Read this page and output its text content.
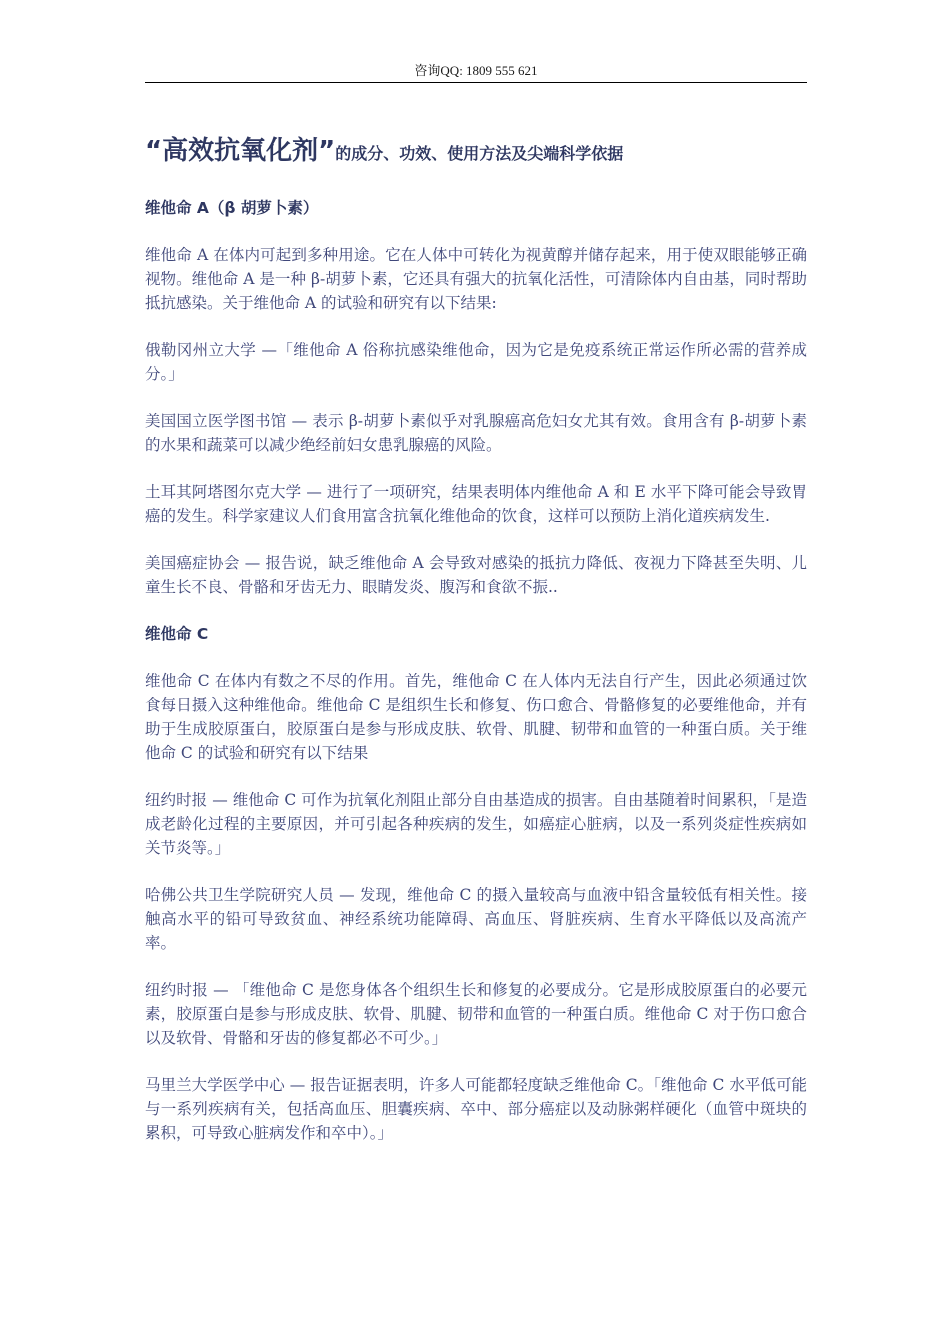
咨询QQ: 1809 555 621
“高效抗氧化剂”的成分、功效、使用方法及尖端科学依据
维他命 A（β 胡萝卜素）

维他命 A 在体内可起到多种用途。它在人体中可转化为视黄醇并储存起来，用于使双眼能够正确视物。维他命 A 是一种 β-胡萝卜素，它还具有强大的抗氧化活性，可清除体内自由基，同时帮助抵抗感染。关于维他命 A 的试验和研究有以下结果:

俄勒冈州立大学 —「维他命 A 俗称抗感染维他命，因为它是免疫系统正常运作所必需的营养成分。」

美国国立医学图书馆 — 表示 β-胡萝卜素似乎对乳腺癌高危妇女尤其有效。食用含有 β-胡萝卜素的水果和蔬菜可以减少绝经前妇女患乳腺癌的风险。

土耳其阿塔图尔克大学 — 进行了一项研究，结果表明体内维他命 A 和 E 水平下降可能会导致胃癌的发生。科学家建议人们食用富含抗氧化维他命的饮食，这样可以预防上消化道疾病发生.

美国癌症协会 — 报告说，缺乏维他命 A 会导致对感染的抵抗力降低、夜视力下降甚至失明、儿童生长不良、骨骼和牙齿无力、眼睛发炎、腹泻和食欲不振..

维他命 C

维他命 C 在体内有数之不尽的作用。首先，维他命 C 在人体内无法自行产生，因此必须通过饮食每日摄入这种维他命。维他命 C 是组织生长和修复、伤口愈合、骨骼修复的必要维他命，并有助于生成胶原蛋白，胶原蛋白是参与形成皮肤、软骨、肌腱、韧带和血管的一种蛋白质。关于维他命 C 的试验和研究有以下结果

纽约时报 — 维他命 C 可作为抗氧化剂阻止部分自由基造成的损害。自由基随着时间累积，「是造成老龄化过程的主要原因，并可引起各种疾病的发生，如癌症心脏病，以及一系列炎症性疾病如关节炎等。」

哈佛公共卫生学院研究人员 — 发现，维他命 C 的摄入量较高与血液中铅含量较低有相关性。接触高水平的铅可导致贫血、神经系统功能障碍、高血压、肾脏疾病、生育水平降低以及高流产率。

纽约时报 — 「维他命 C 是您身体各个组织生长和修复的必要成分。它是形成胶原蛋白的必要元素，胶原蛋白是参与形成皮肤、软骨、肌腱、韧带和血管的一种蛋白质。维他命 C 对于伤口愈合以及软骨、骨骼和牙齿的修复都必不可少。」

马里兰大学医学中心 — 报告证据表明，许多人可能都轻度缺乏维他命 C。「维他命 C 水平低可能与一系列疾病有关，包括高血压、胆囊疾病、卒中、部分癌症以及动脉粥样硬化（血管中斑块的累积，可导致心脏病发作和卒中）。」
